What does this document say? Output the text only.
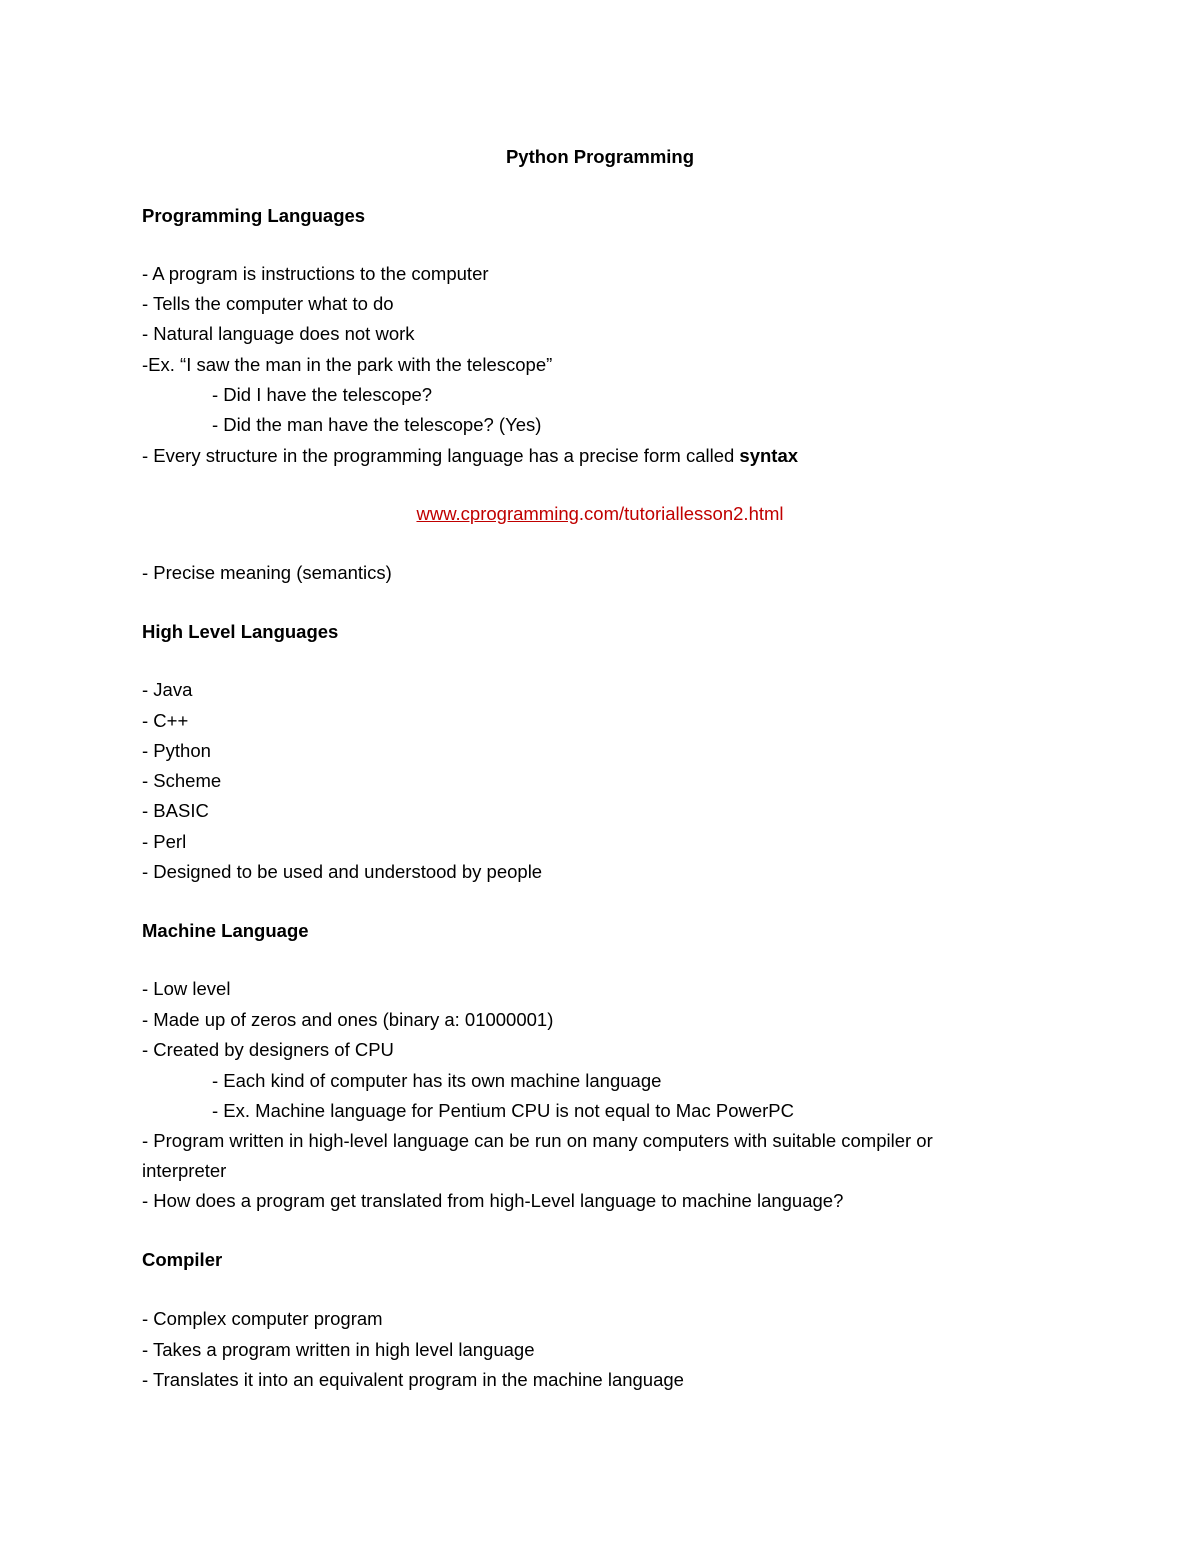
Python Programming
Programming Languages
- A program is instructions to the computer
- Tells the computer what to do
- Natural language does not work
-Ex. “I saw the man in the park with the telescope”
- Did I have the telescope?
- Did the man have the telescope? (Yes)
- Every structure in the programming language has a precise form called syntax
www.cprogramming.com/tutoriallesson2.html
- Precise meaning (semantics)
High Level Languages
- Java
- C++
- Python
- Scheme
- BASIC
- Perl
- Designed to be used and understood by people
Machine Language
- Low level
- Made up of zeros and ones (binary a: 01000001)
- Created by designers of CPU
- Each kind of computer has its own machine language
- Ex. Machine language for Pentium CPU is not equal to Mac PowerPC
- Program written in high-level language can be run on many computers with suitable compiler or
interpreter
- How does a program get translated from high-Level language to machine language?
Compiler
- Complex computer program
- Takes a program written in high level language
- Translates it into an equivalent program in the machine language
